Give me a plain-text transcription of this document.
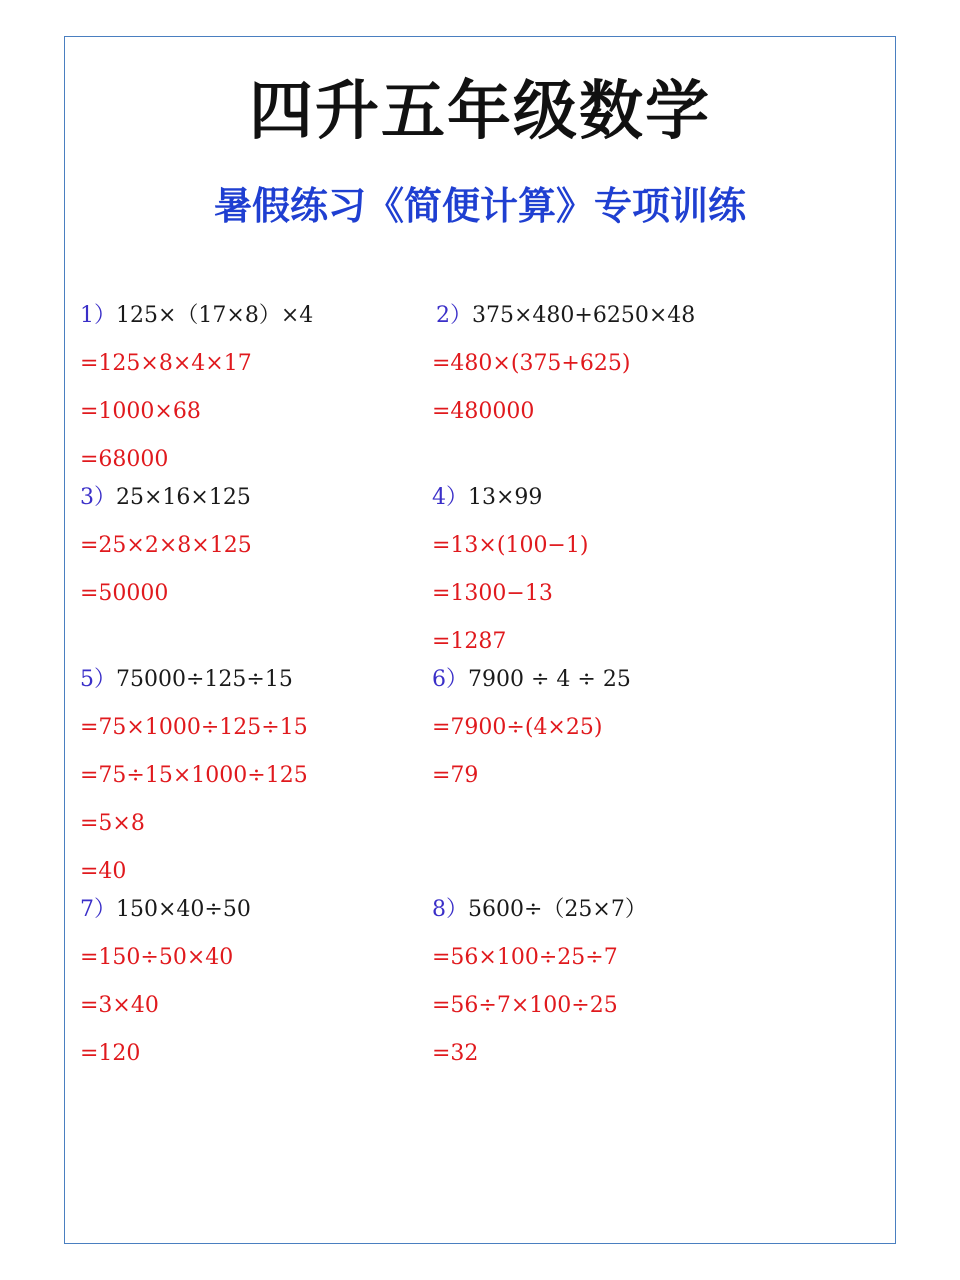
四升五年级数学
暑假练习《简便计算》专项训练
1）125×（17×8）×4
=125×8×4×17
=1000×68
=68000
2）375×480+6250×48
=480×(375+625)
=480000
3）25×16×125
=25×2×8×125
=50000
4）13×99
=13×(100−1)
=1300−13
=1287
5）75000÷125÷15
=75×1000÷125÷15
=75÷15×1000÷125
=5×8
=40
6）7900 ÷ 4 ÷ 25
=7900÷(4×25)
=79
7）150×40÷50
=150÷50×40
=3×40
=120
8）5600÷（25×7）
=56×100÷25÷7
=56÷7×100÷25
=32
